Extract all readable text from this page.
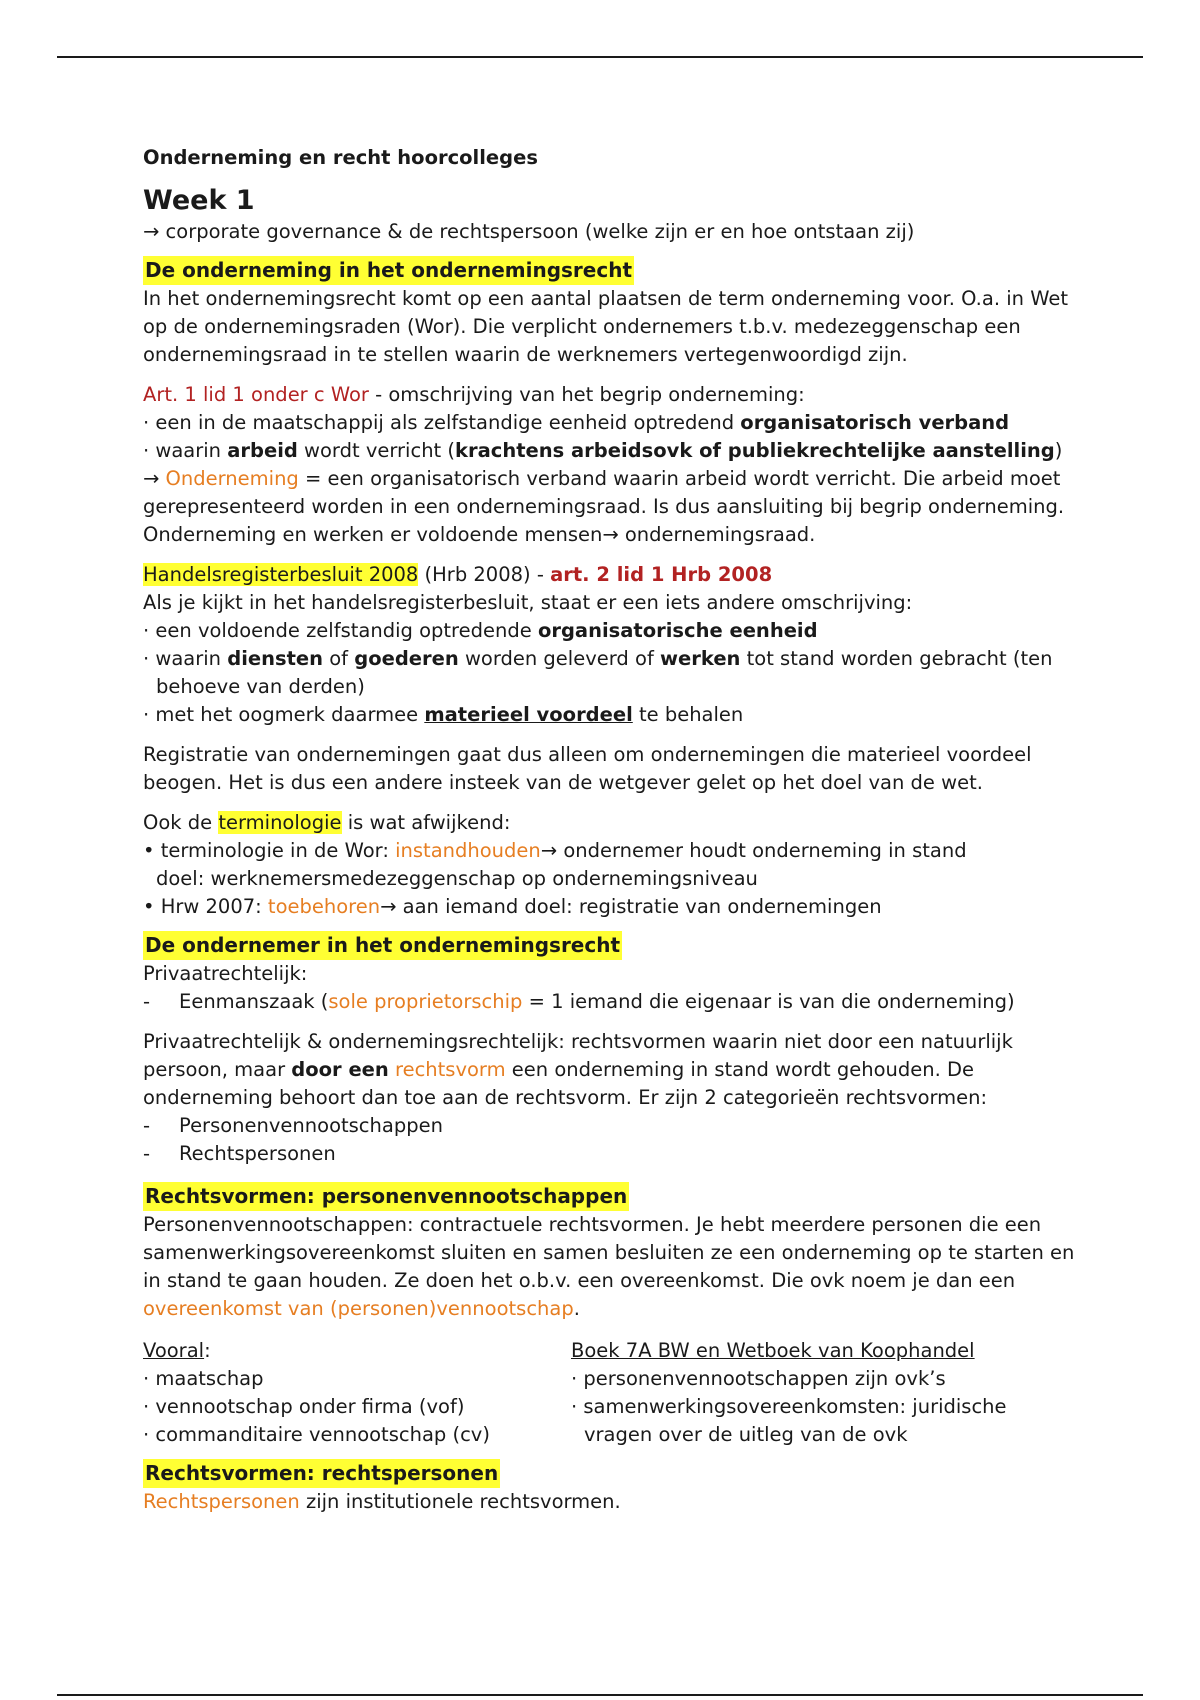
Onderneming en recht hoorcolleges

Week 1

→ corporate governance & de rechtspersoon (welke zijn er en hoe ontstaan zij)

De onderneming in het ondernemingsrecht

In het ondernemingsrecht komt op een aantal plaatsen de term onderneming voor. O.a. in Wet op de ondernemingsraden (Wor). Die verplicht ondernemers t.b.v. medezeggenschap een ondernemingsraad in te stellen waarin de werknemers vertegenwoordigd zijn.

Art. 1 lid 1 onder c Wor - omschrijving van het begrip onderneming:

· een in de maatschappij als zelfstandige eenheid optredend organisatorisch verband

· waarin arbeid wordt verricht (krachtens arbeidsovk of publiekrechtelijke aanstelling)

→ Onderneming = een organisatorisch verband waarin arbeid wordt verricht. Die arbeid moet gerepresenteerd worden in een ondernemingsraad. Is dus aansluiting bij begrip onderneming. Onderneming en werken er voldoende mensen→ ondernemingsraad.

Handelsregisterbesluit 2008 (Hrb 2008) - art. 2 lid 1 Hrb 2008

Als je kijkt in het handelsregisterbesluit, staat er een iets andere omschrijving:

· een voldoende zelfstandig optredende organisatorische eenheid

· waarin diensten of goederen worden geleverd of werken tot stand worden gebracht (ten

behoeve van derden)

· met het oogmerk daarmee materieel voordeel te behalen

Registratie van ondernemingen gaat dus alleen om ondernemingen die materieel voordeel beogen. Het is dus een andere insteek van de wetgever gelet op het doel van de wet.

Ook de terminologie is wat afwijkend:

• terminologie in de Wor: instandhouden→ ondernemer houdt onderneming in stand

doel: werknemersmedezeggenschap op ondernemingsniveau

• Hrw 2007: toebehoren→ aan iemand doel: registratie van ondernemingen

De ondernemer in het ondernemingsrecht

Privaatrechtelijk:

-	Eenmanszaak (sole proprietorschip = 1 iemand die eigenaar is van die onderneming)

Privaatrechtelijk & ondernemingsrechtelijk: rechtsvormen waarin niet door een natuurlijk persoon, maar door een rechtsvorm een onderneming in stand wordt gehouden. De onderneming behoort dan toe aan de rechtsvorm. Er zijn 2 categorieën rechtsvormen:

-	Personenvennootschappen
-	Rechtspersonen
Rechtsvormen: personenvennootschappen

Personenvennootschappen: contractuele rechtsvormen. Je hebt meerdere personen die een samenwerkingsovereenkomst sluiten en samen besluiten ze een onderneming op te starten en in stand te gaan houden. Ze doen het o.b.v. een overeenkomst. Die ovk noem je dan een overeenkomst van (personen)vennootschap.

Vooral:

· maatschap

· vennootschap onder firma (vof)

· commanditaire vennootschap (cv)

Boek 7A BW en Wetboek van Koophandel

· personenvennootschappen zijn ovk’s

· samenwerkingsovereenkomsten: juridische

vragen over de uitleg van de ovk

Rechtsvormen: rechtspersonen

Rechtspersonen zijn institutionele rechtsvormen.
